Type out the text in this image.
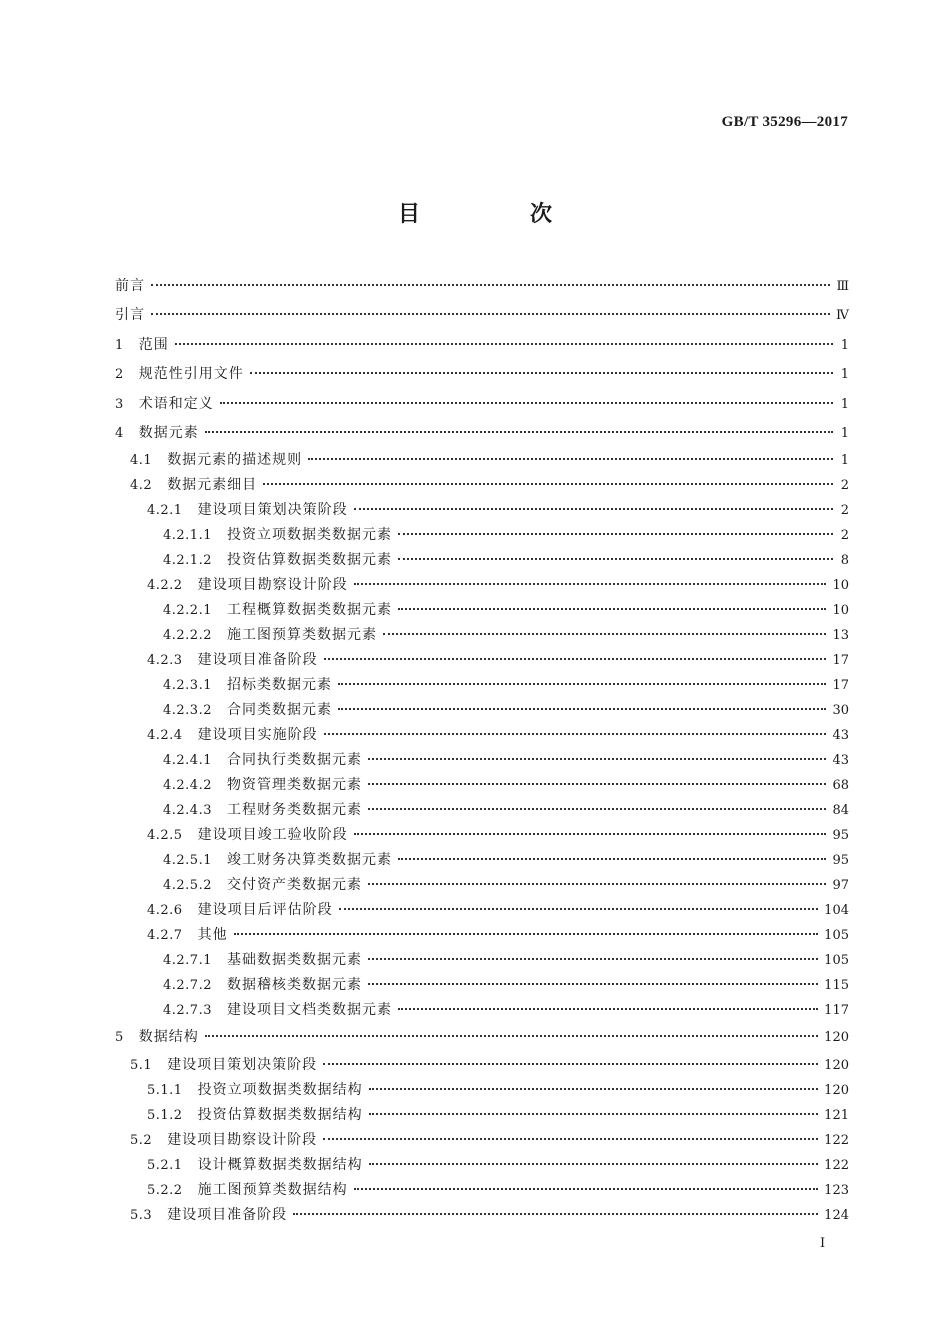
GB/T 35296—2017
目　次
前言	Ⅲ
引言	Ⅳ
1 范围	1
2 规范性引用文件	1
3 术语和定义	1
4 数据元素	1
4.1 数据元素的描述规则	1
4.2 数据元素细目	2
4.2.1 建设项目策划决策阶段	2
4.2.1.1 投资立项数据类数据元素	2
4.2.1.2 投资估算数据类数据元素	8
4.2.2 建设项目勘察设计阶段	10
4.2.2.1 工程概算数据类数据元素	10
4.2.2.2 施工图预算类数据元素	13
4.2.3 建设项目准备阶段	17
4.2.3.1 招标类数据元素	17
4.2.3.2 合同类数据元素	30
4.2.4 建设项目实施阶段	43
4.2.4.1 合同执行类数据元素	43
4.2.4.2 物资管理类数据元素	68
4.2.4.3 工程财务类数据元素	84
4.2.5 建设项目竣工验收阶段	95
4.2.5.1 竣工财务决算类数据元素	95
4.2.5.2 交付资产类数据元素	97
4.2.6 建设项目后评估阶段	104
4.2.7 其他	105
4.2.7.1 基础数据类数据元素	105
4.2.7.2 数据稽核类数据元素	115
4.2.7.3 建设项目文档类数据元素	117
5 数据结构	120
5.1 建设项目策划决策阶段	120
5.1.1 投资立项数据类数据结构	120
5.1.2 投资估算数据类数据结构	121
5.2 建设项目勘察设计阶段	122
5.2.1 设计概算数据类数据结构	122
5.2.2 施工图预算类数据结构	123
5.3 建设项目准备阶段	124
I
